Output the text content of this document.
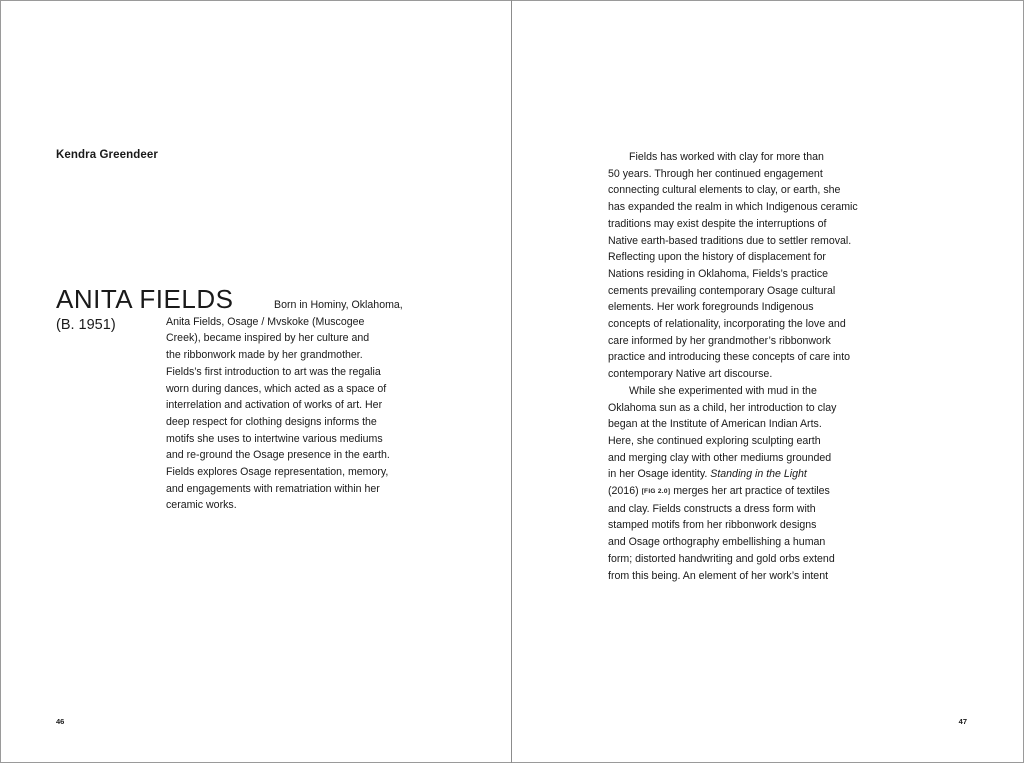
Kendra Greendeer
ANITA FIELDS
(B. 1951)
Born in Hominy, Oklahoma,
Anita Fields, Osage / Mvskoke (Muscogee
Creek), became inspired by her culture and
the ribbonwork made by her grandmother.
Fields’s first introduction to art was the regalia
worn during dances, which acted as a space of
interrelation and activation of works of art. Her
deep respect for clothing designs informs the
motifs she uses to intertwine various mediums
and re-ground the Osage presence in the earth.
Fields explores Osage representation, memory,
and engagements with rematriation within her
ceramic works.
46

Fields has worked with clay for more than

50 years. Through her continued engagement
connecting cultural elements to clay, or earth, she
has expanded the realm in which Indigenous ceramic
traditions may exist despite the interruptions of
Native earth-based traditions due to settler removal.
Reflecting upon the history of displacement for
Nations residing in Oklahoma, Fields’s practice
cements prevailing contemporary Osage cultural
elements. Her work foregrounds Indigenous
concepts of relationality, incorporating the love and
care informed by her grandmother’s ribbonwork
practice and introducing these concepts of care into
contemporary Native art discourse.

While she experimented with mud in the

Oklahoma sun as a child, her introduction to clay
began at the Institute of American Indian Arts.
Here, she continued exploring sculpting earth
and merging clay with other mediums grounded
in her Osage identity. Standing in the Light
(2016) [FIG 2.0] merges her art practice of textiles
and clay. Fields constructs a dress form with
stamped motifs from her ribbonwork designs
and Osage orthography embellishing a human
form; distorted handwriting and gold orbs extend
from this being. An element of her work’s intent
47
